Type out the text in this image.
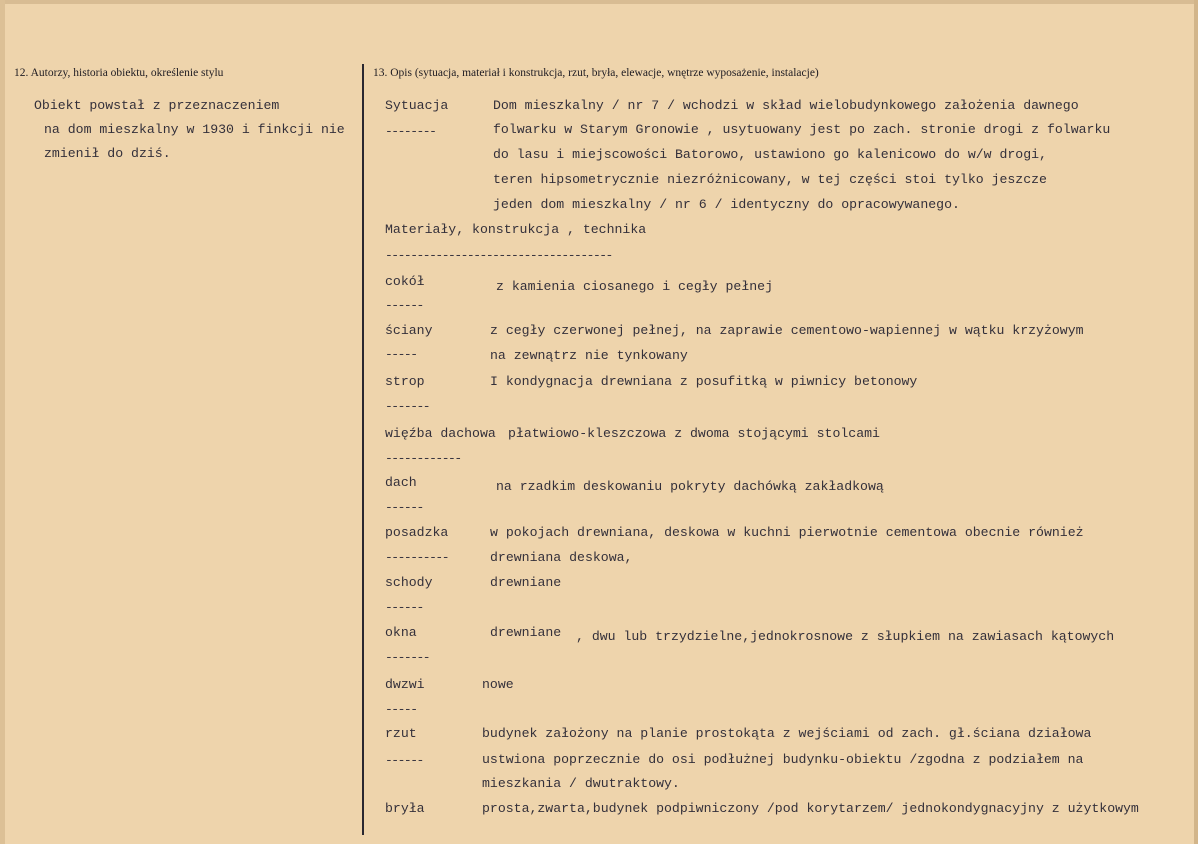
12. Autorzy, historia obiektu, określenie stylu
Obiekt powstał z przeznaczeniem
na dom mieszkalny w 1930 i finkcji nie
zmienił do dziś.
13. Opis (sytuacja, materiał i konstrukcja, rzut, bryła, elewacje, wnętrze wyposażenie, instalacje)
Sytuacja
--------
Dom mieszkalny / nr 7 / wchodzi w skład wielobudynkowego założenia dawnego
folwarku w Starym Gronowie , usytuowany jest po zach. stronie drogi z folwarku
do lasu i miejscowości Batorowo, ustawiono go kalenicowo do w/w drogi,
teren hipsometrycznie niezróżnicowany, w tej części stoi tylko jeszcze
jeden dom mieszkalny / nr 6 / identyczny do opracowywanego.
Materiały, konstrukcja , technika
------------------------------------
cokół
------
z kamienia ciosanego i cegły pełnej
ściany
-----
z cegły czerwonej pełnej, na zaprawie cementowo-wapiennej w wątku krzyżowym
na zewnątrz nie tynkowany
strop
-------
I kondygnacja drewniana z posufitką w piwnicy betonowy
więźba dachowa
------------
płatwiowo-kleszczowa z dwoma stojącymi stolcami
dach
------
na rzadkim deskowaniu pokryty dachówką zakładkową
posadzka
----------
w pokojach drewniana, deskowa w kuchni pierwotnie cementowa obecnie również
drewniana deskowa,
schody
------
drewniane
okna
-------
drewniane , dwu lub trzydzielne,jednokrosnowe z słupkiem na zawiasach kątowych
dwzwi
-----
nowe
rzut
------
budynek założony na planie prostokąta z wejściami od zach. gł.ściana działowa
ustwiona poprzecznie do osi podłużnej budynku-obiektu /zgodna z podziałem na
mieszkania / dwutraktowy.
bryła	prosta,zwarta,budynek podpiwniczony /pod korytarzem/ jednokondygnacyjny z użytkowym
